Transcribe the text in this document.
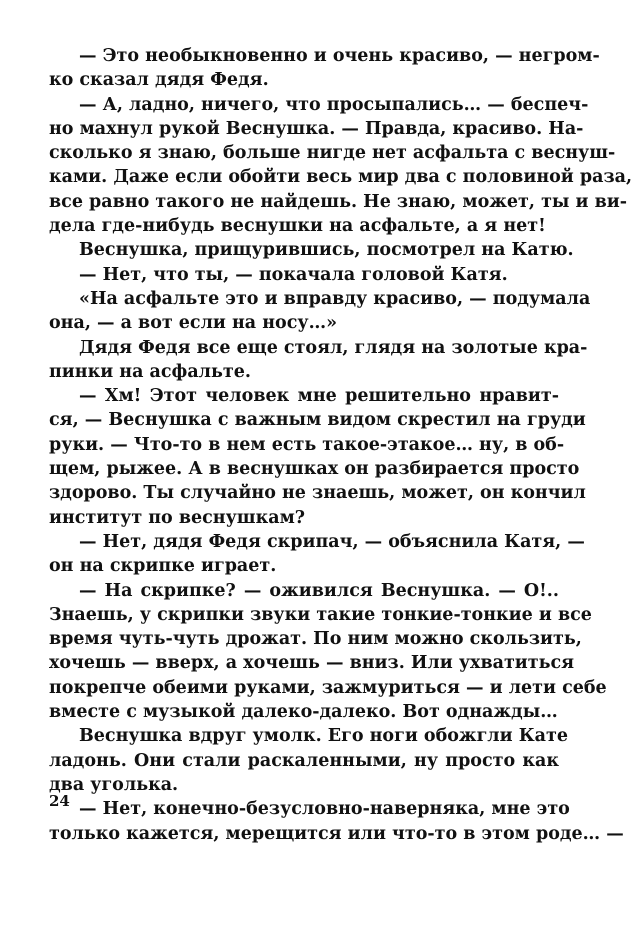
— Это необыкновенно и очень красиво, — негром-
ко сказал дядя Федя.
— А, ладно, ничего, что просыпались… — беспеч-
но махнул рукой Веснушка. — Правда, красиво. На-
сколько я знаю, больше нигде нет асфальта с веснуш-
ками. Даже если обойти весь мир два с половиной раза,
все равно такого не найдешь. Не знаю, может, ты и ви-
дела где-нибудь веснушки на асфальте, а я нет!
Веснушка, прищурившись, посмотрел на Катю.
— Нет, что ты, — покачала головой Катя.
«На асфальте это и вправду красиво, — подумала
она, — а вот если на носу…»
Дядя Федя все еще стоял, глядя на золотые кра-
пинки на асфальте.
— Хм! Этот человек мне решительно нравит-
ся, — Веснушка с важным видом скрестил на груди
руки. — Что-то в нем есть такое-этакое… ну, в об-
щем, рыжее. А в веснушках он разбирается просто
здорово. Ты случайно не знаешь, может, он кончил
институт по веснушкам?
— Нет, дядя Федя скрипач, — объяснила Катя, —
он на скрипке играет.
— На скрипке? — оживился Веснушка. — О!..
Знаешь, у скрипки звуки такие тонкие-тонкие и все
время чуть-чуть дрожат. По ним можно скользить,
хочешь — вверх, а хочешь — вниз. Или ухватиться
покрепче обеими руками, зажмуриться — и лети себе
вместе с музыкой далеко-далеко. Вот однажды…
Веснушка вдруг умолк. Его ноги обожгли Кате
ладонь. Они стали раскаленными, ну просто как
два уголька.
— Нет, конечно-безусловно-наверняка, мне это
только кажется, мерещится или что-то в этом роде… —
24
